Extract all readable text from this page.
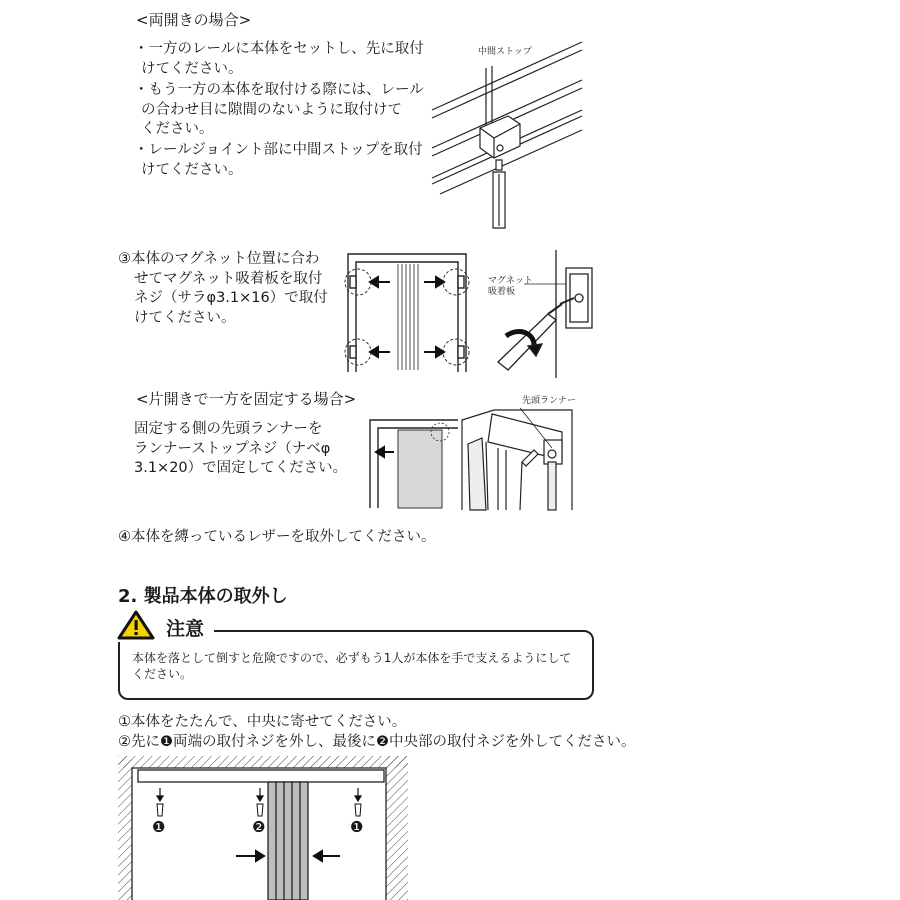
<両開きの場合>
・一方のレールに本体をセットし、先に取付
けてください。
・もう一方の本体を取付ける際には、レール
の合わせ目に隙間のないように取付けて
ください。
・レールジョイント部に中間ストップを取付
けてください。
中間ストップ
③本体のマグネット位置に合わ
せてマグネット吸着板を取付
ネジ（サラφ3.1×16）で取付
けてください。
マグネット
吸着板
<片開きで一方を固定する場合>
固定する側の先頭ランナーを
ランナーストップネジ（ナベφ
3.1×20）で固定してください。
先頭ランナー
④本体を縛っているレザーを取外してください。
2. 製品本体の取外し
注意
本体を落として倒すと危険ですので、必ずもう1人が本体を手で支えるようにして
ください。
①本体をたたんで、中央に寄せてください。
②先に❶両端の取付ネジを外し、最後に❷中央部の取付ネジを外してください。
❶	❷	❶
